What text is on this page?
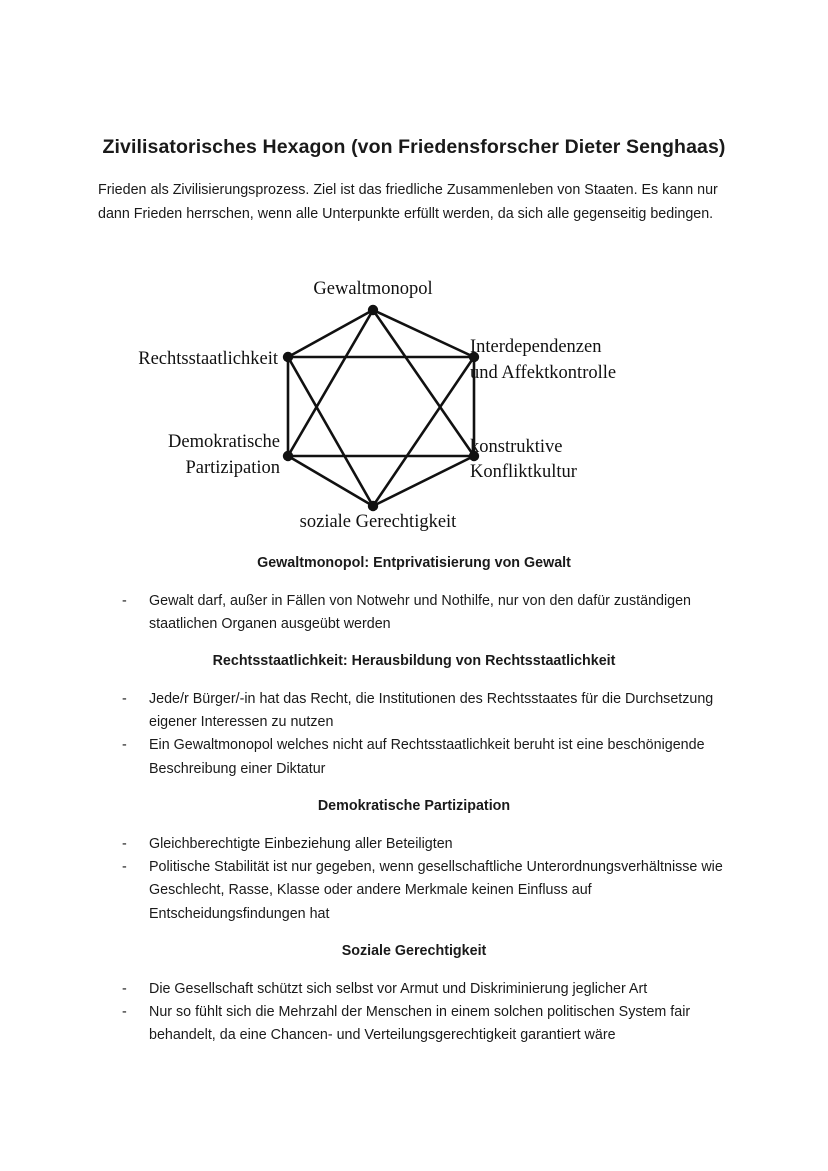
Zivilisatorisches Hexagon (von Friedensforscher Dieter Senghaas)
Frieden als Zivilisierungsprozess. Ziel ist das friedliche Zusammenleben von Staaten. Es kann nur dann Frieden herrschen, wenn alle Unterpunkte erfüllt werden, da sich alle gegenseitig bedingen.
Gewaltmonopol
Rechtsstaatlichkeit
Interdependenzen
und Affektkontrolle
Demokratische
Partizipation
konstruktive
Konfliktkultur
soziale Gerechtigkeit
Gewaltmonopol: Entprivatisierung von Gewalt
- Gewalt darf, außer in Fällen von Notwehr und Nothilfe, nur von den dafür zuständigen staatlichen Organen ausgeübt werden
Rechtsstaatlichkeit: Herausbildung von Rechtsstaatlichkeit
- Jede/r Bürger/-in hat das Recht, die Institutionen des Rechtsstaates für die Durchsetzung eigener Interessen zu nutzen
- Ein Gewaltmonopol welches nicht auf Rechtsstaatlichkeit beruht ist eine beschönigende Beschreibung einer Diktatur
Demokratische Partizipation
- Gleichberechtigte Einbeziehung aller Beteiligten
- Politische Stabilität ist nur gegeben, wenn gesellschaftliche Unterordnungsverhältnisse wie Geschlecht, Rasse, Klasse oder andere Merkmale keinen Einfluss auf Entscheidungsfindungen hat
Soziale Gerechtigkeit
- Die Gesellschaft schützt sich selbst vor Armut und Diskriminierung jeglicher Art
- Nur so fühlt sich die Mehrzahl der Menschen in einem solchen politischen System fair behandelt, da eine Chancen- und Verteilungsgerechtigkeit garantiert wäre
